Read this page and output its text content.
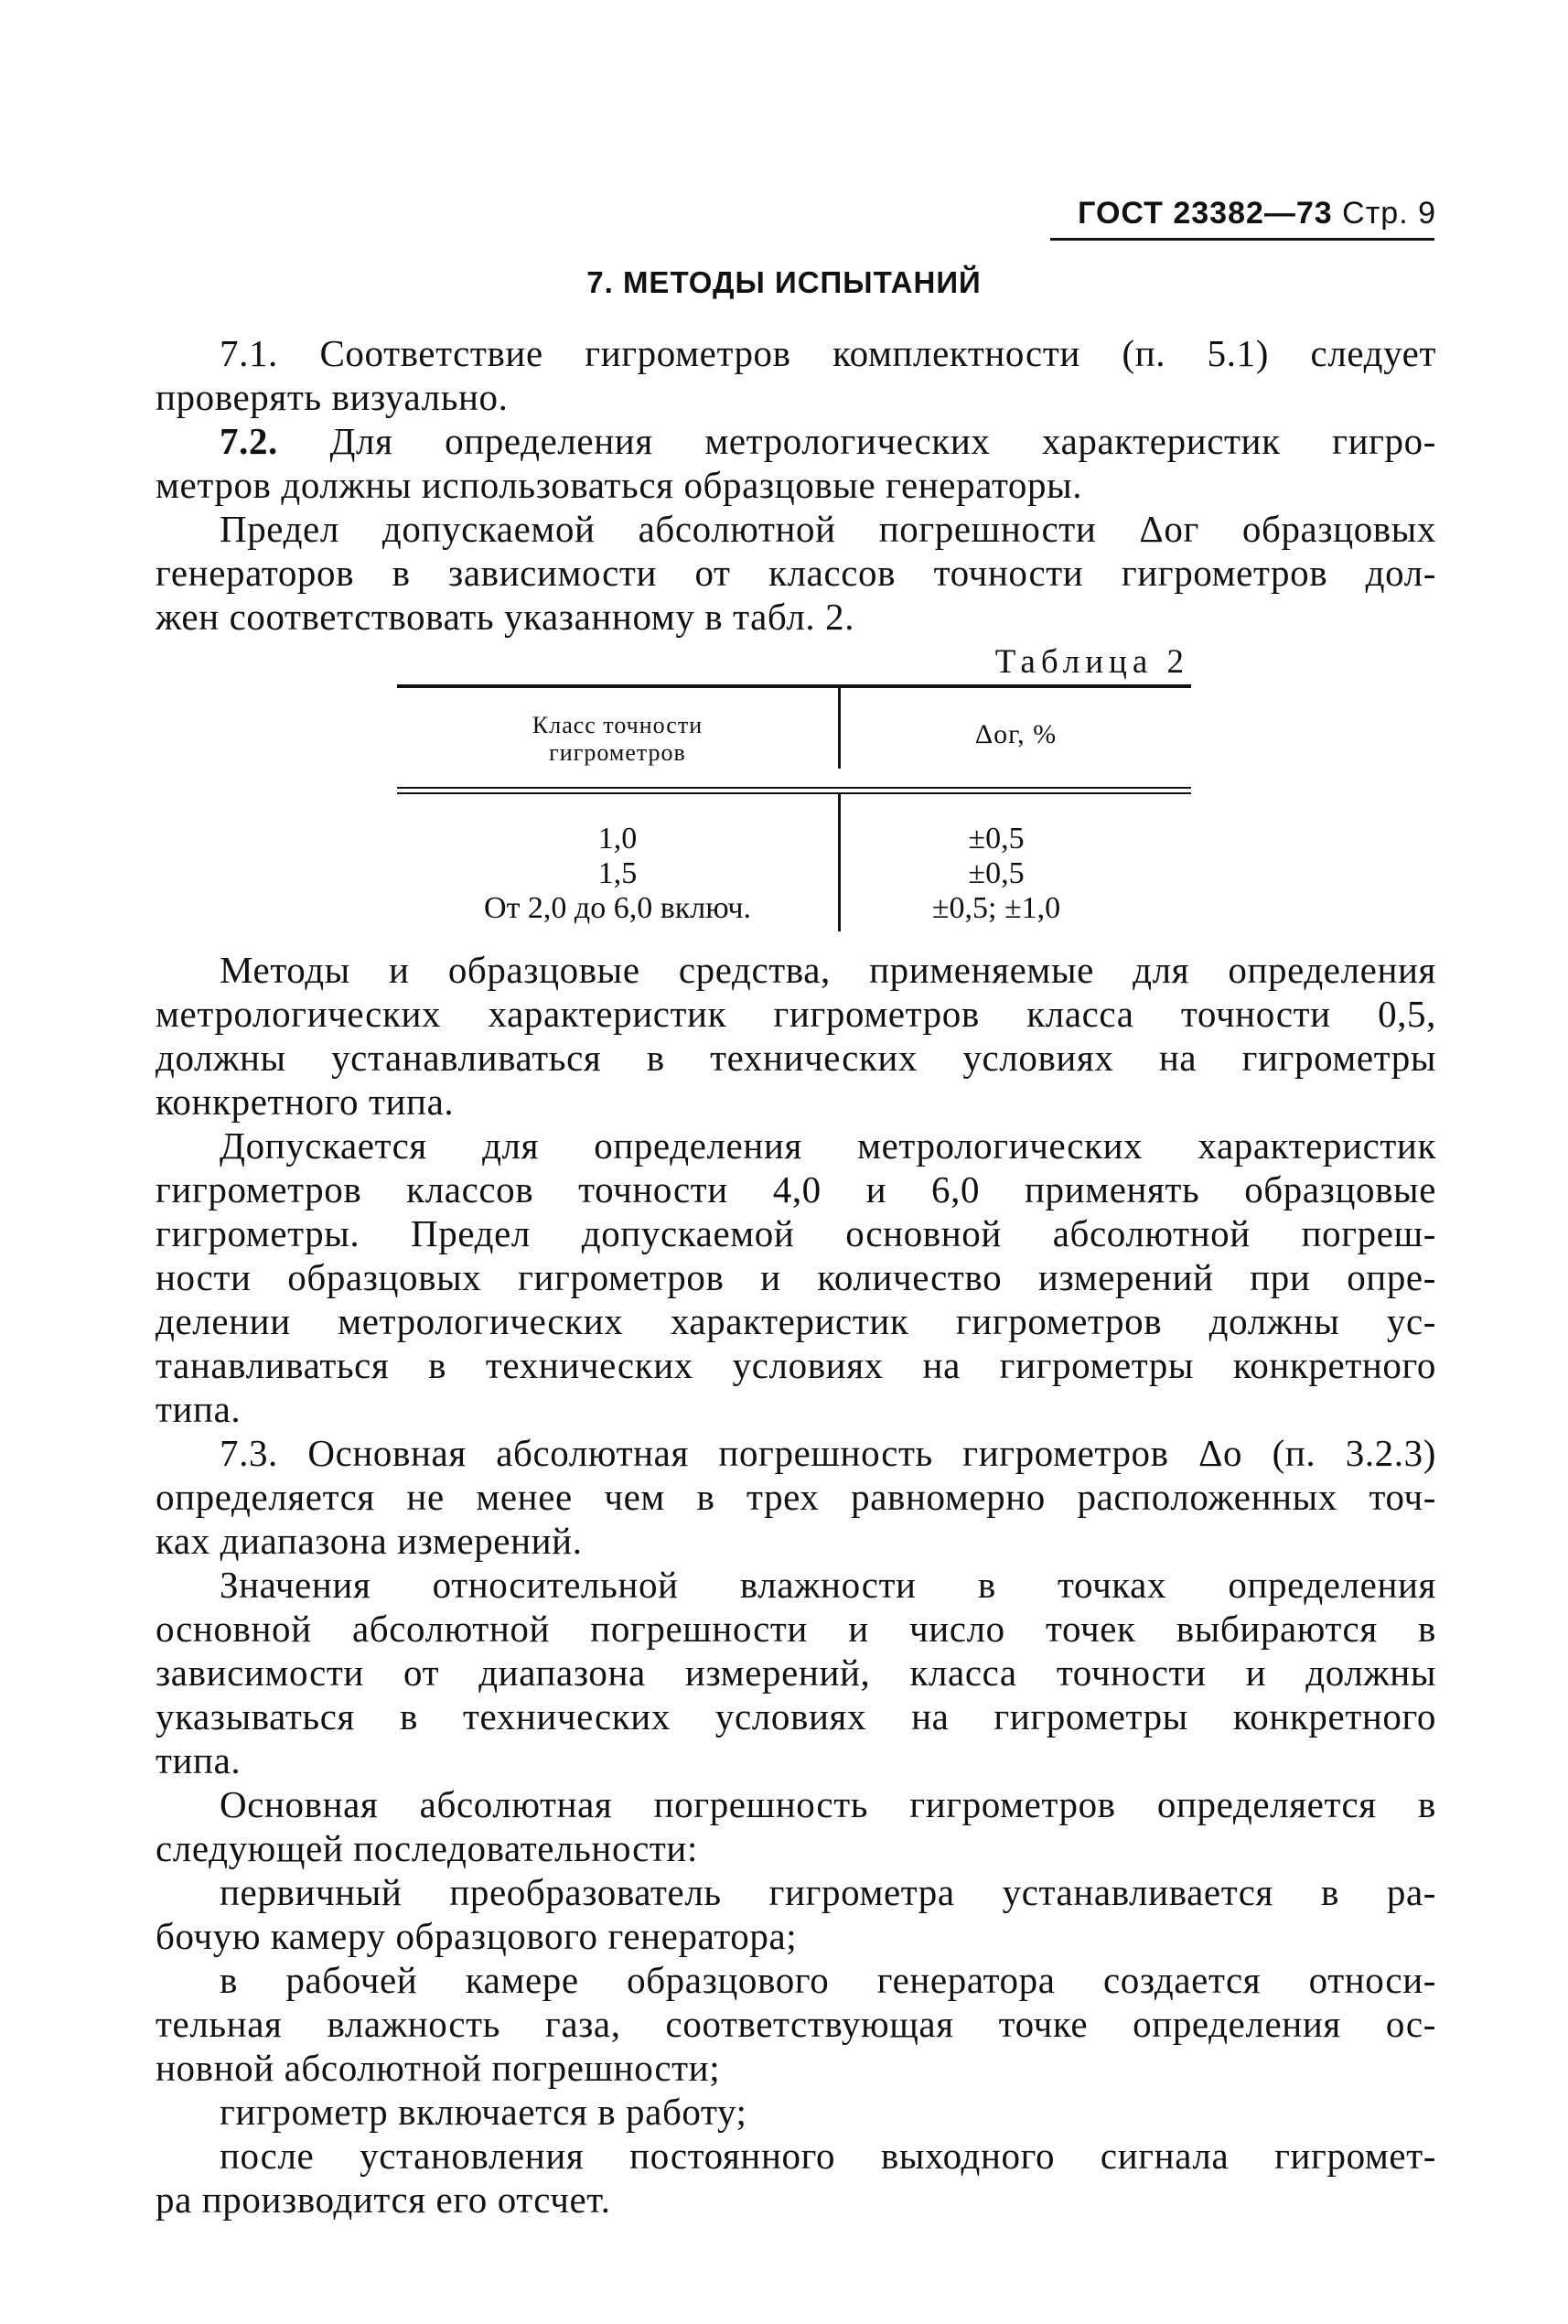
ГОСТ 23382—73 Стр. 9
7. МЕТОДЫ ИСПЫТАНИЙ
7.1. Соответствие гигрометров комплектности (п. 5.1) следует
проверять визуально.
7.2. Для определения метрологических характеристик гигро-
метров должны использоваться образцовые генераторы.
Предел допускаемой абсолютной погрешности Δог образцовых
генераторов в зависимости от классов точности гигрометров дол-
жен соответствовать указанному в табл. 2.
Таблица 2
Класс точности
гигрометров
Δог, %
1,0
1,5
От 2,0 до 6,0 включ.
±0,5
±0,5
±0,5; ±1,0
Методы и образцовые средства, применяемые для определения
метрологических характеристик гигрометров класса точности 0,5,
должны устанавливаться в технических условиях на гигрометры
конкретного типа.
Допускается для определения метрологических характеристик
гигрометров классов точности 4,0 и 6,0 применять образцовые
гигрометры. Предел допускаемой основной абсолютной погреш-
ности образцовых гигрометров и количество измерений при опре-
делении метрологических характеристик гигрометров должны ус-
танавливаться в технических условиях на гигрометры конкретного
типа.
7.3. Основная абсолютная погрешность гигрометров Δо (п. 3.2.3)
определяется не менее чем в трех равномерно расположенных точ-
ках диапазона измерений.
Значения относительной влажности в точках определения
основной абсолютной погрешности и число точек выбираются в
зависимости от диапазона измерений, класса точности и должны
указываться в технических условиях на гигрометры конкретного
типа.
Основная абсолютная погрешность гигрометров определяется в
следующей последовательности:
первичный преобразователь гигрометра устанавливается в ра-
бочую камеру образцового генератора;
в рабочей камере образцового генератора создается относи-
тельная влажность газа, соответствующая точке определения ос-
новной абсолютной погрешности;
гигрометр включается в работу;
после установления постоянного выходного сигнала гигромет-
ра производится его отсчет.
